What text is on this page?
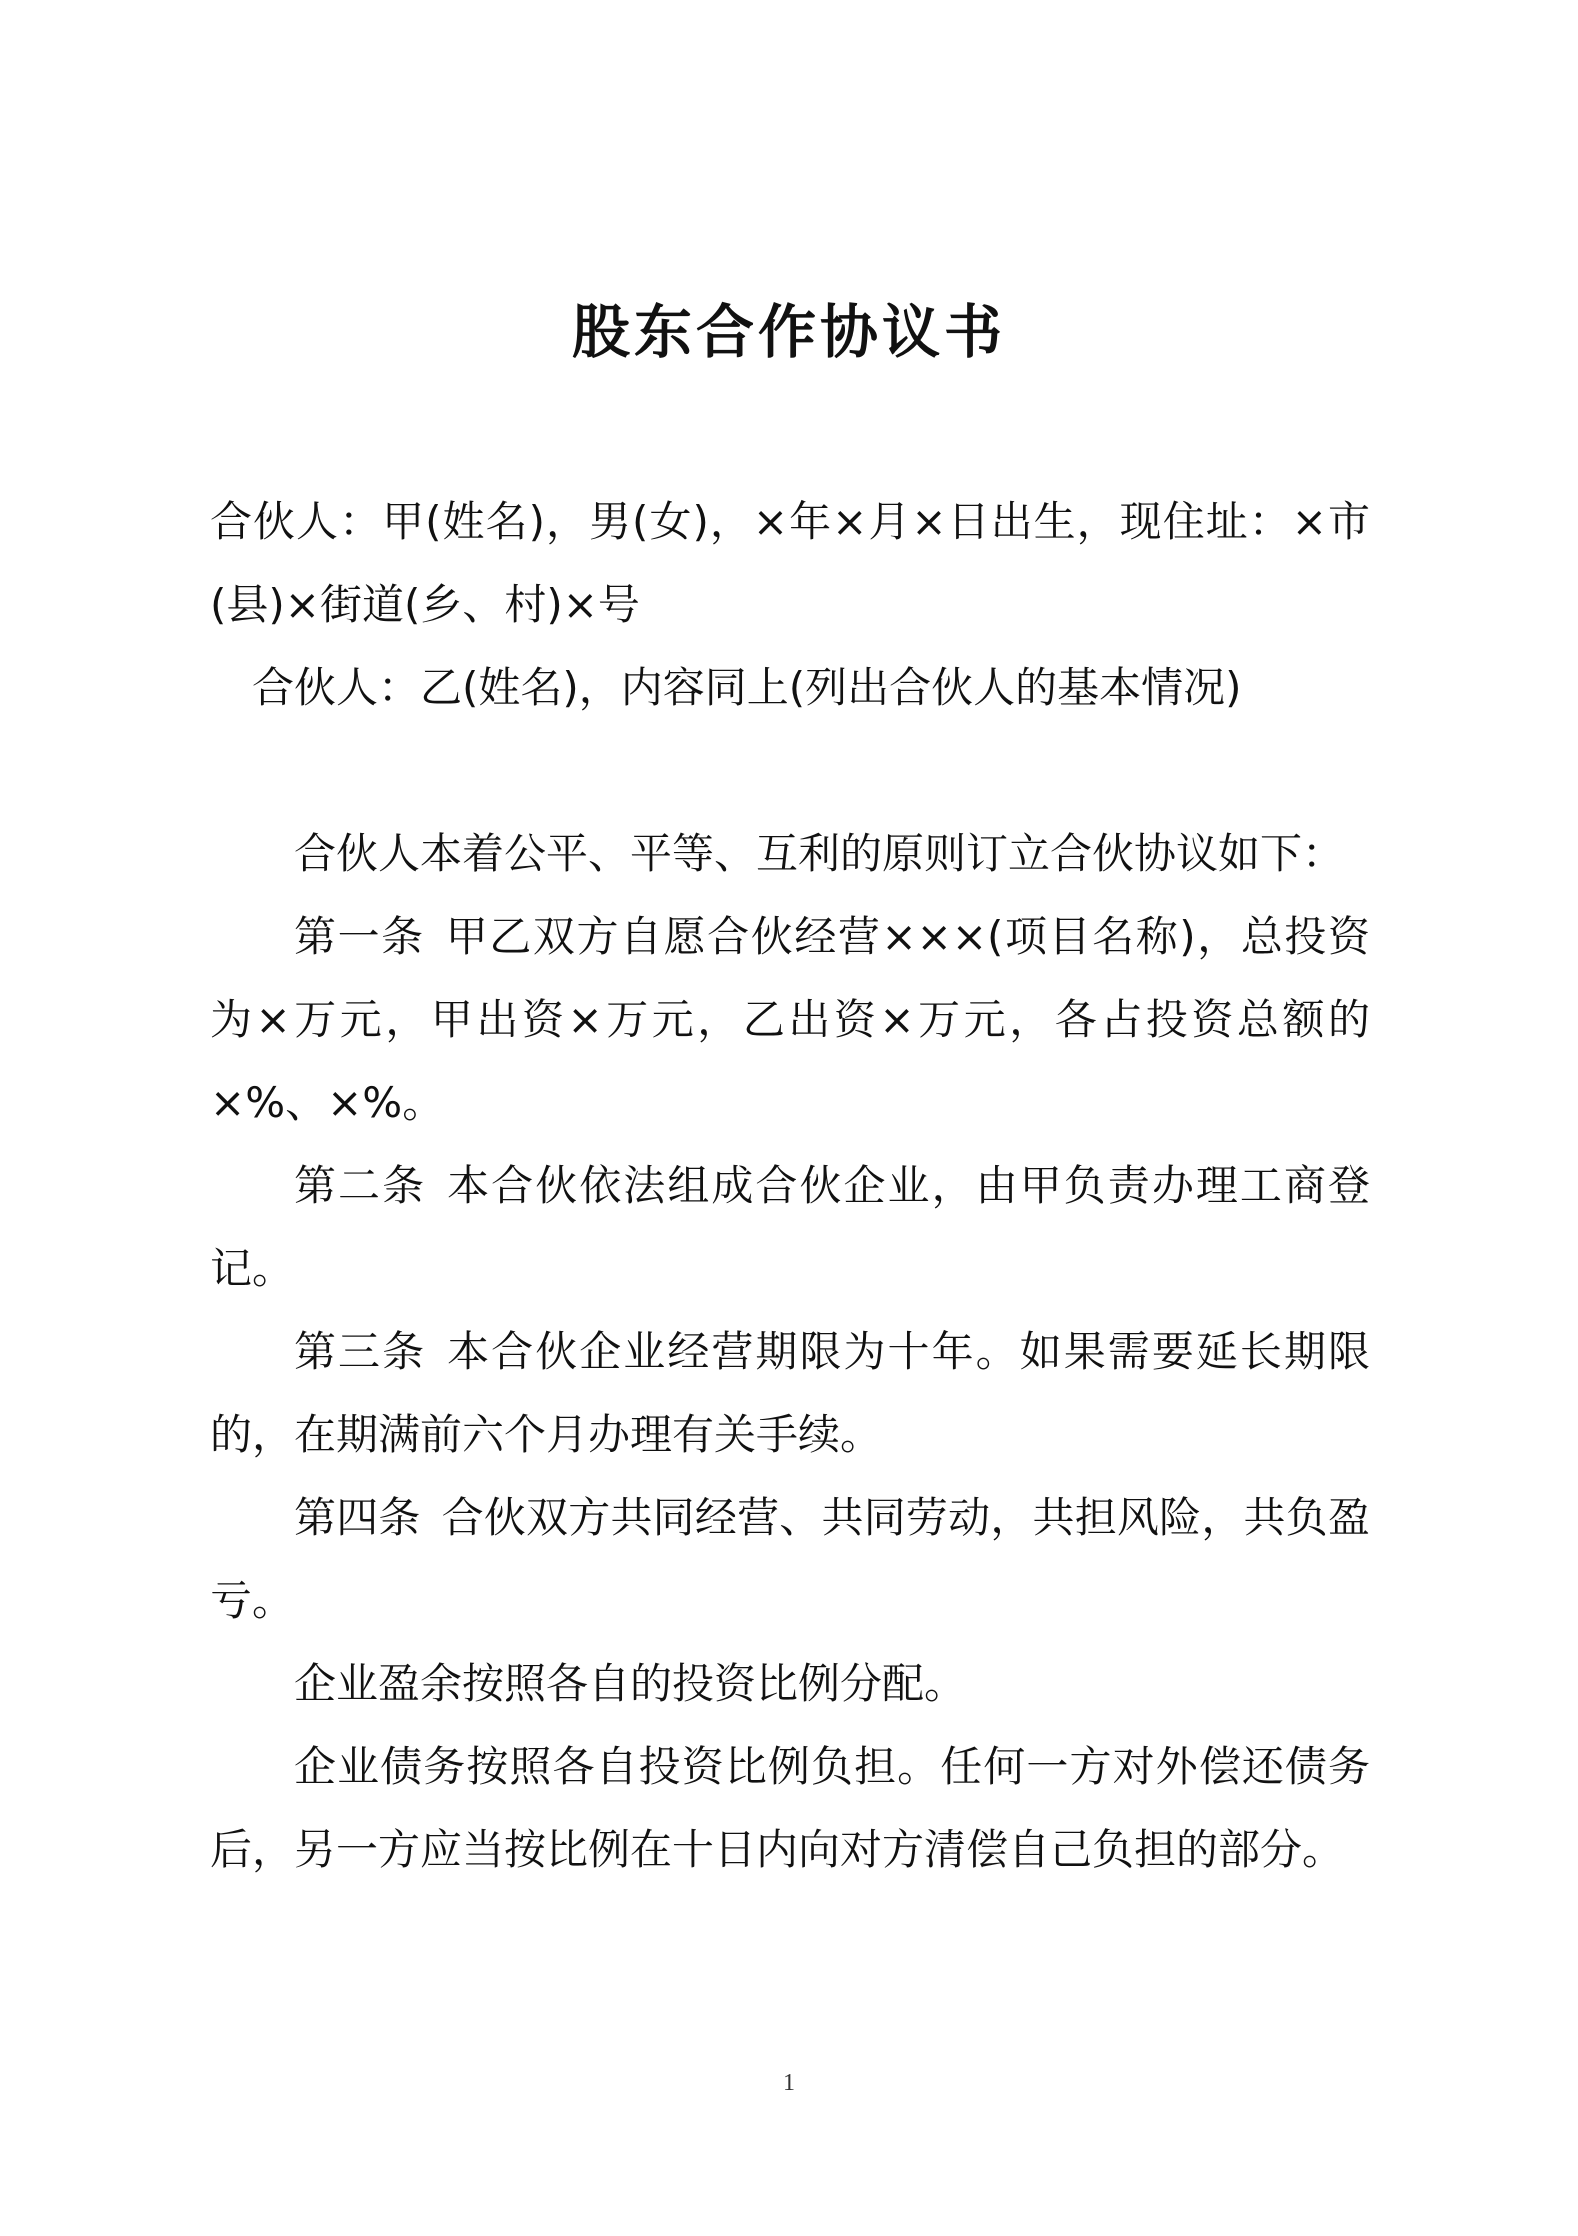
股东合作协议书

合伙人：甲(姓名)，男(女)，×年×月×日出生，现住址：×市(县)×街道(乡、村)×号

合伙人：乙(姓名)，内容同上(列出合伙人的基本情况)

合伙人本着公平、平等、互利的原则订立合伙协议如下：

第一条 甲乙双方自愿合伙经营×××(项目名称)，总投资为×万元，甲出资×万元，乙出资×万元，各占投资总额的×%、×%。

第二条 本合伙依法组成合伙企业，由甲负责办理工商登记。

第三条 本合伙企业经营期限为十年。如果需要延长期限的，在期满前六个月办理有关手续。

第四条 合伙双方共同经营、共同劳动，共担风险，共负盈亏。

企业盈余按照各自的投资比例分配。

企业债务按照各自投资比例负担。任何一方对外偿还债务后，另一方应当按比例在十日内向对方清偿自己负担的部分。

1
